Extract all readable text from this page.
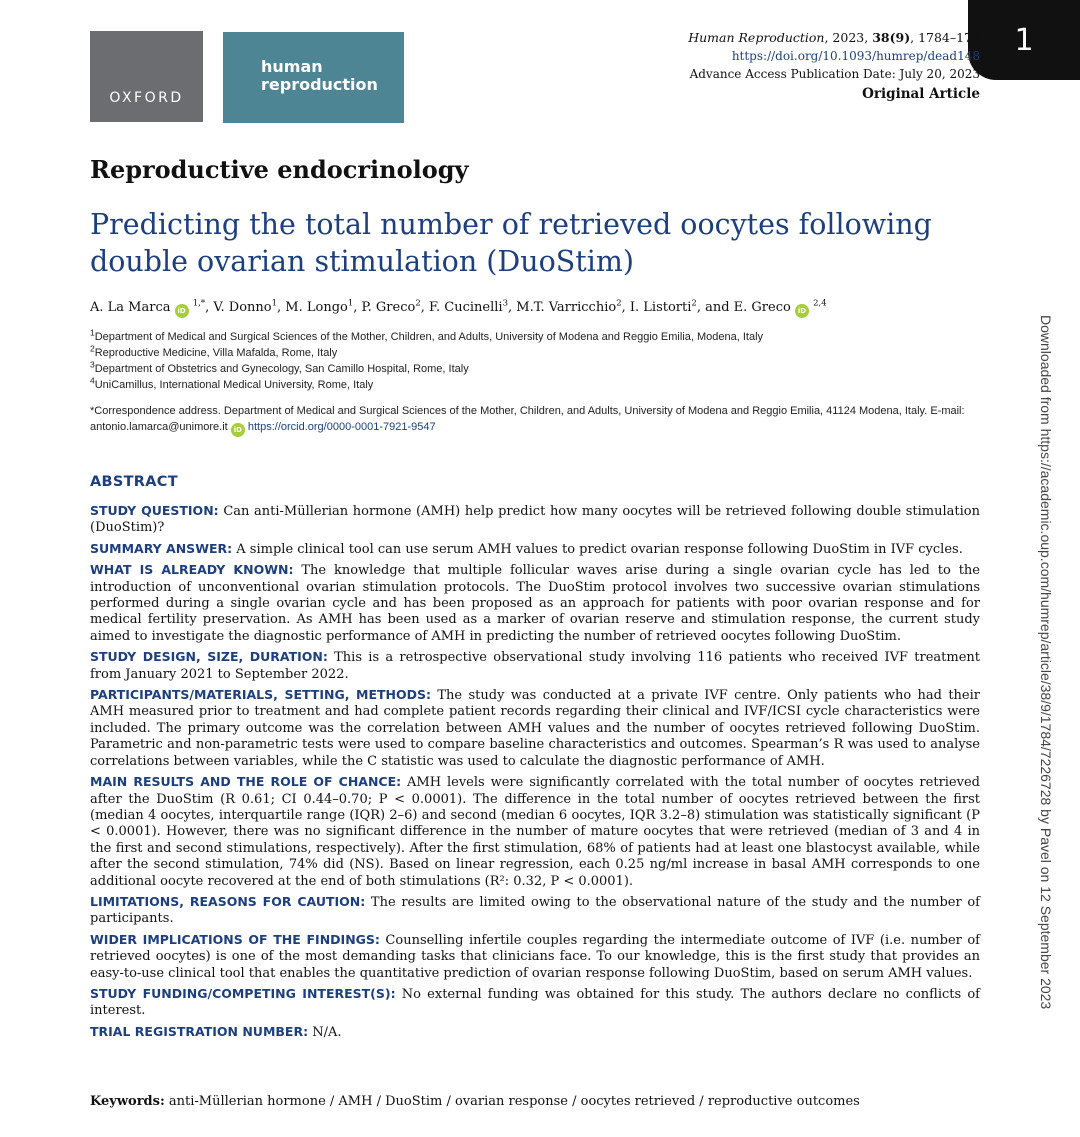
OXFORD
human
reproduction
1
Human Reproduction, 2023, 38(9), 1784–178
https://doi.org/10.1093/humrep/dead148
Advance Access Publication Date: July 20, 2023
Original Article
Reproductive endocrinology
Predicting the total number of retrieved oocytes following double ovarian stimulation (DuoStim)
A. La Marca iD $^{1,*}$, V. Donno$^1$, M. Longo$^1$, P. Greco$^2$, F. Cucinelli$^3$, M.T. Varricchio$^2$, I. Listorti$^2$, and E. Greco iD $^{2,4}$
$^1$Department of Medical and Surgical Sciences of the Mother, Children, and Adults, University of Modena and Reggio Emilia, Modena, Italy
$^2$Reproductive Medicine, Villa Mafalda, Rome, Italy
$^3$Department of Obstetrics and Gynecology, San Camillo Hospital, Rome, Italy
$^4$UniCamillus, International Medical University, Rome, Italy
*Correspondence address. Department of Medical and Surgical Sciences of the Mother, Children, and Adults, University of Modena and Reggio Emilia, 41124 Modena, Italy. E-mail: antonio.lamarca@unimore.it iD https://orcid.org/0000-0001-7921-9547
ABSTRACT

STUDY QUESTION: Can anti-Müllerian hormone (AMH) help predict how many oocytes will be retrieved following double stimulation (DuoStim)?

SUMMARY ANSWER: A simple clinical tool can use serum AMH values to predict ovarian response following DuoStim in IVF cycles.

WHAT IS ALREADY KNOWN: The knowledge that multiple follicular waves arise during a single ovarian cycle has led to the introduction of unconventional ovarian stimulation protocols. The DuoStim protocol involves two successive ovarian stimulations performed during a single ovarian cycle and has been proposed as an approach for patients with poor ovarian response and for medical fertility preservation. As AMH has been used as a marker of ovarian reserve and stimulation response, the current study aimed to investigate the diagnostic performance of AMH in predicting the number of retrieved oocytes following DuoStim.

STUDY DESIGN, SIZE, DURATION: This is a retrospective observational study involving 116 patients who received IVF treatment from January 2021 to September 2022.

PARTICIPANTS/MATERIALS, SETTING, METHODS: The study was conducted at a private IVF centre. Only patients who had their AMH measured prior to treatment and had complete patient records regarding their clinical and IVF/ICSI cycle characteristics were included. The primary outcome was the correlation between AMH values and the number of oocytes retrieved following DuoStim. Parametric and non-parametric tests were used to compare baseline characteristics and outcomes. Spearman’s R was used to analyse correlations between variables, while the C statistic was used to calculate the diagnostic performance of AMH.

MAIN RESULTS AND THE ROLE OF CHANCE: AMH levels were significantly correlated with the total number of oocytes retrieved after the DuoStim (R 0.61; CI 0.44–0.70; P < 0.0001). The difference in the total number of oocytes retrieved between the first (median 4 oocytes, interquartile range (IQR) 2–6) and second (median 6 oocytes, IQR 3.2–8) stimulation was statistically significant (P < 0.0001). However, there was no significant difference in the number of mature oocytes that were retrieved (median of 3 and 4 in the first and second stimulations, respectively). After the first stimulation, 68% of patients had at least one blastocyst available, while after the second stimulation, 74% did (NS). Based on linear regression, each 0.25 ng/ml increase in basal AMH corresponds to one additional oocyte recovered at the end of both stimulations (R²: 0.32, P < 0.0001).

LIMITATIONS, REASONS FOR CAUTION: The results are limited owing to the observational nature of the study and the number of participants.

WIDER IMPLICATIONS OF THE FINDINGS: Counselling infertile couples regarding the intermediate outcome of IVF (i.e. number of retrieved oocytes) is one of the most demanding tasks that clinicians face. To our knowledge, this is the first study that provides an easy-to-use clinical tool that enables the quantitative prediction of ovarian response following DuoStim, based on serum AMH values.

STUDY FUNDING/COMPETING INTEREST(S): No external funding was obtained for this study. The authors declare no conflicts of interest.

TRIAL REGISTRATION NUMBER: N/A.

Keywords: anti-Müllerian hormone / AMH / DuoStim / ovarian response / oocytes retrieved / reproductive outcomes
Downloaded from https://academic.oup.com/humrep/article/38/9/1784/7226728 by Pavel on 12 September 2023
